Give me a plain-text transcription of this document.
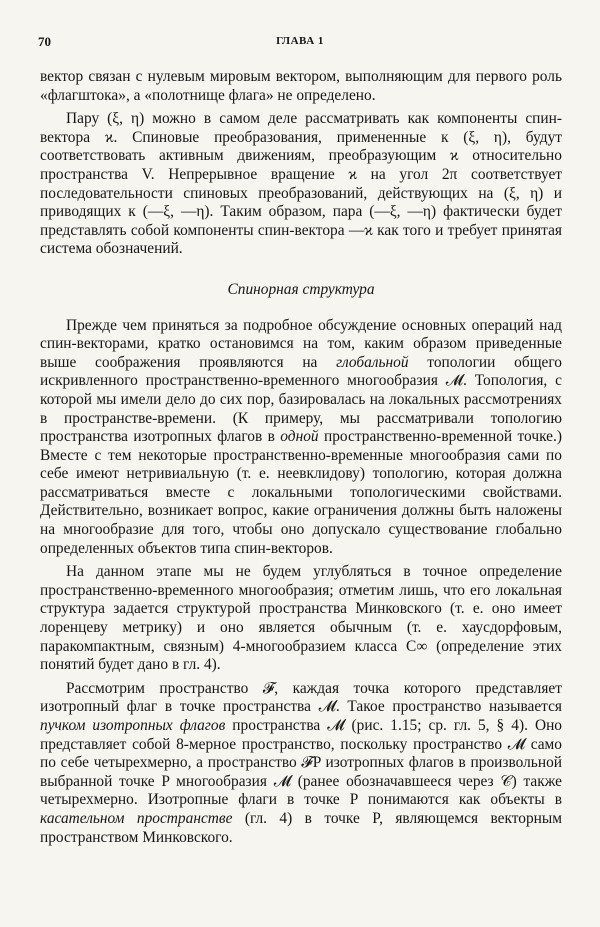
70	ГЛАВА 1

вектор связан с нулевым мировым вектором, выполняющим для первого роль «флагштока», а «полотнище флага» не определено.

Пару (ξ, η) можно в самом деле рассматривать как компоненты спин-вектора ϰ. Спиновые преобразования, примененные к (ξ, η), будут соответствовать активным движениям, преобразующим ϰ относительно пространства V. Непрерывное вращение ϰ на угол 2π соответствует последовательности спиновых преобразований, действующих на (ξ, η) и приводящих к (—ξ, —η). Таким образом, пара (—ξ, —η) фактически будет представлять собой компоненты спин-вектора —ϰ как того и требует принятая система обозначений.

Спинорная структура

Прежде чем приняться за подробное обсуждение основных операций над спин-векторами, кратко остановимся на том, каким образом приведенные выше соображения проявляются на глобальной топологии общего искривленного пространственно-временного многообразия 𝓜. Топология, с которой мы имели дело до сих пор, базировалась на локальных рассмотрениях в пространстве-времени. (К примеру, мы рассматривали топологию пространства изотропных флагов в одной пространственно-временной точке.) Вместе с тем некоторые пространственно-временные многообразия сами по себе имеют нетривиальную (т. е. неевклидову) топологию, которая должна рассматриваться вместе с локальными топологическими свойствами. Действительно, возникает вопрос, какие ограничения должны быть наложены на многообразие для того, чтобы оно допускало существование глобально определенных объектов типа спин-векторов.

На данном этапе мы не будем углубляться в точное определение пространственно-временного многообразия; отметим лишь, что его локальная структура задается структурой пространства Минковского (т. е. оно имеет лоренцеву метрику) и оно является обычным (т. е. хаусдорфовым, паракомпактным, связным) 4-многообразием класса C∞ (определение этих понятий будет дано в гл. 4).

Рассмотрим пространство 𝓕, каждая точка которого представляет изотропный флаг в точке пространства 𝓜. Такое пространство называется пучком изотропных флагов пространства 𝓜 (рис. 1.15; ср. гл. 5, § 4). Оно представляет собой 8-мерное пространство, поскольку пространство 𝓜 само по себе четырехмерно, а пространство 𝓕P изотропных флагов в произвольной выбранной точке P многообразия 𝓜 (ранее обозначавшееся через 𝒞) также четырехмерно. Изотропные флаги в точке P понимаются как объекты в касательном пространстве (гл. 4) в точке P, являющемся векторным пространством Минковского.
